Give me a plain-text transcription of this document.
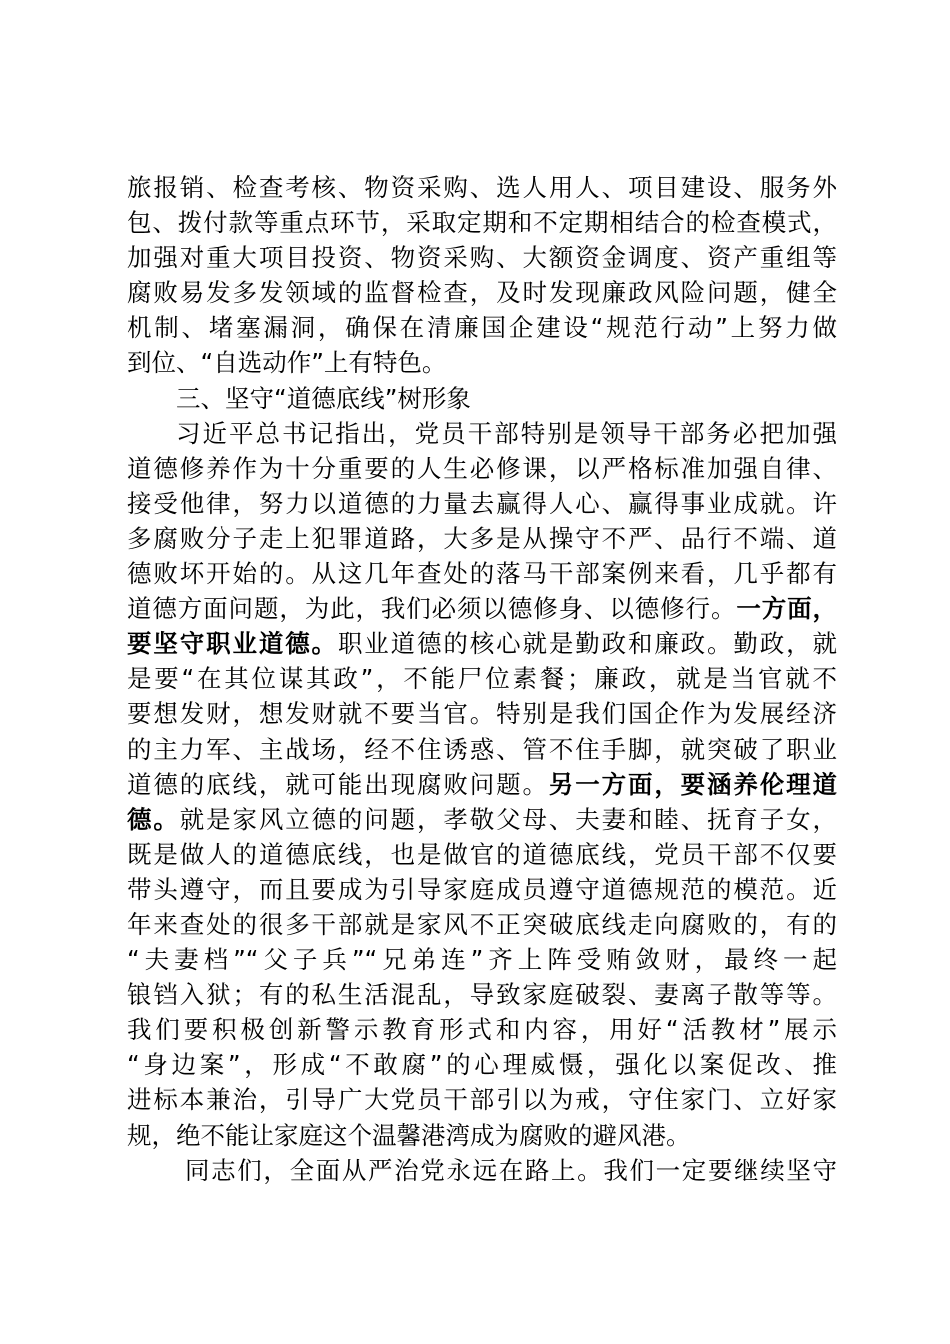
旅报销、检查考核、物资采购、选人用人、项目建设、服务外
包、拨付款等重点环节，采取定期和不定期相结合的检查模式，
加强对重大项目投资、物资采购、大额资金调度、资产重组等
腐败易发多发领域的监督检查，及时发现廉政风险问题，健全
机制、堵塞漏洞，确保在清廉国企建设“规范行动”上努力做
到位、“自选动作”上有特色。
三、坚守“道德底线”树形象
习近平总书记指出，党员干部特别是领导干部务必把加强
道德修养作为十分重要的人生必修课，以严格标准加强自律、
接受他律，努力以道德的力量去赢得人心、赢得事业成就。许
多腐败分子走上犯罪道路，大多是从操守不严、品行不端、道
德败坏开始的。从这几年查处的落马干部案例来看，几乎都有
道德方面问题，为此，我们必须以德修身、以德修行。一方面，
要坚守职业道德。职业道德的核心就是勤政和廉政。勤政，就
是要“在其位谋其政”，不能尸位素餐；廉政，就是当官就不
要想发财，想发财就不要当官。特别是我们国企作为发展经济
的主力军、主战场，经不住诱惑、管不住手脚，就突破了职业
道德的底线，就可能出现腐败问题。另一方面，要涵养伦理道
德。就是家风立德的问题，孝敬父母、夫妻和睦、抚育子女，
既是做人的道德底线，也是做官的道德底线，党员干部不仅要
带头遵守，而且要成为引导家庭成员遵守道德规范的模范。近
年来查处的很多干部就是家风不正突破底线走向腐败的，有的
“夫妻档”“父子兵”“兄弟连”齐上阵受贿敛财，最终一起
锒铛入狱；有的私生活混乱，导致家庭破裂、妻离子散等等。
我们要积极创新警示教育形式和内容，用好“活教材”展示
“身边案”，形成“不敢腐”的心理威慑，强化以案促改、推
进标本兼治，引导广大党员干部引以为戒，守住家门、立好家
规，绝不能让家庭这个温馨港湾成为腐败的避风港。
同志们，全面从严治党永远在路上。我们一定要继续坚守
